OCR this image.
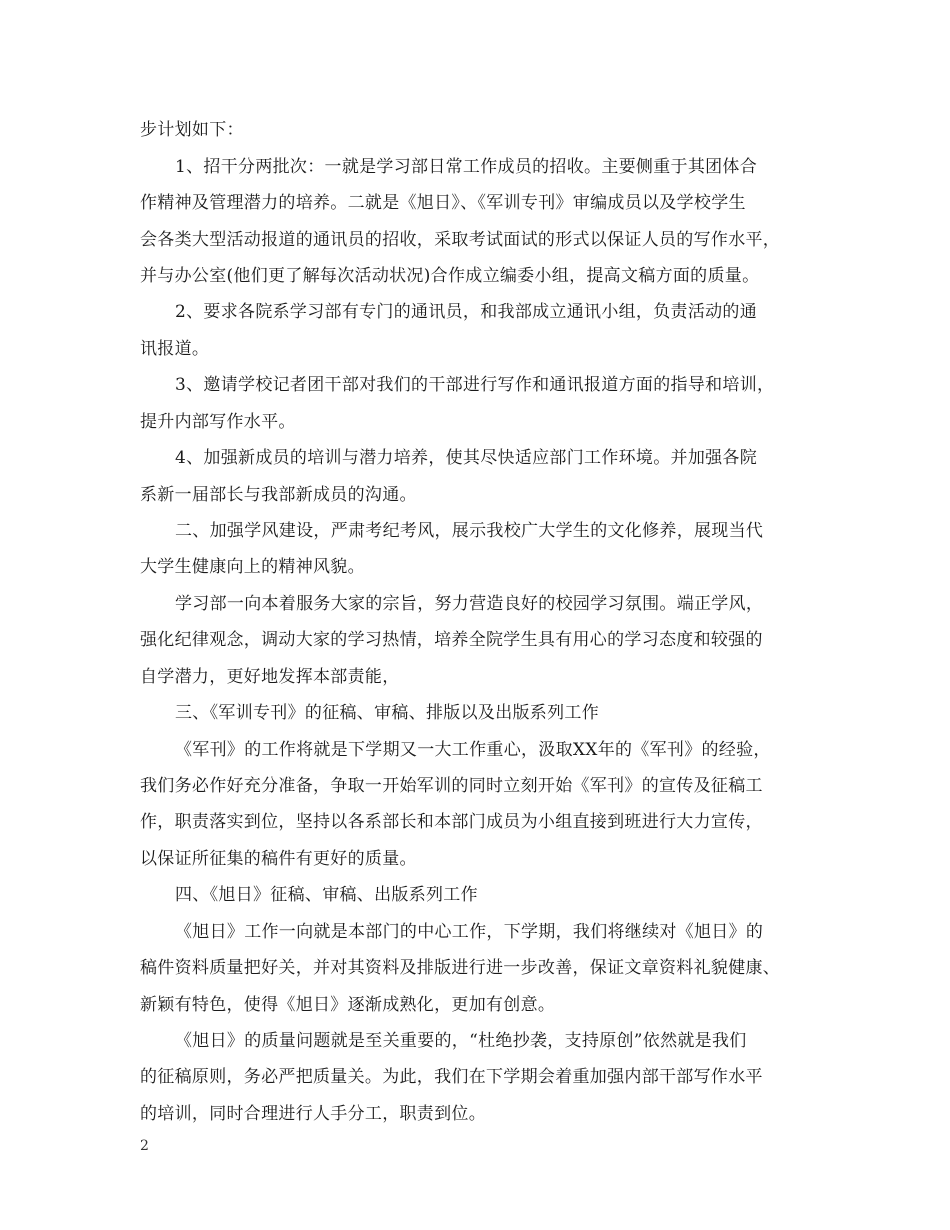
步计划如下：
1、招干分两批次：一就是学习部日常工作成员的招收。主要侧重于其团体合
作精神及管理潜力的培养。二就是《旭日》、《军训专刊》审编成员以及学校学生
会各类大型活动报道的通讯员的招收，采取考试面试的形式以保证人员的写作水平，
并与办公室(他们更了解每次活动状况)合作成立编委小组，提高文稿方面的质量。
2、要求各院系学习部有专门的通讯员，和我部成立通讯小组，负责活动的通
讯报道。
3、邀请学校记者团干部对我们的干部进行写作和通讯报道方面的指导和培训，
提升内部写作水平。
4、加强新成员的培训与潜力培养，使其尽快适应部门工作环境。并加强各院
系新一届部长与我部新成员的沟通。
二、加强学风建设，严肃考纪考风，展示我校广大学生的文化修养，展现当代
大学生健康向上的精神风貌。
学习部一向本着服务大家的宗旨，努力营造良好的校园学习氛围。端正学风，
强化纪律观念，调动大家的学习热情，培养全院学生具有用心的学习态度和较强的
自学潜力，更好地发挥本部责能，
三、《军训专刊》的征稿、审稿、排版以及出版系列工作
《军刊》的工作将就是下学期又一大工作重心，汲取XX年的《军刊》的经验，
我们务必作好充分准备，争取一开始军训的同时立刻开始《军刊》的宣传及征稿工
作，职责落实到位，坚持以各系部长和本部门成员为小组直接到班进行大力宣传，
以保证所征集的稿件有更好的质量。
四、《旭日》征稿、审稿、出版系列工作
《旭日》工作一向就是本部门的中心工作，下学期，我们将继续对《旭日》的
稿件资料质量把好关，并对其资料及排版进行进一步改善，保证文章资料礼貌健康、
新颖有特色，使得《旭日》逐渐成熟化，更加有创意。
《旭日》的质量问题就是至关重要的，“杜绝抄袭，支持原创”依然就是我们
的征稿原则，务必严把质量关。为此，我们在下学期会着重加强内部干部写作水平
的培训，同时合理进行人手分工，职责到位。
2
